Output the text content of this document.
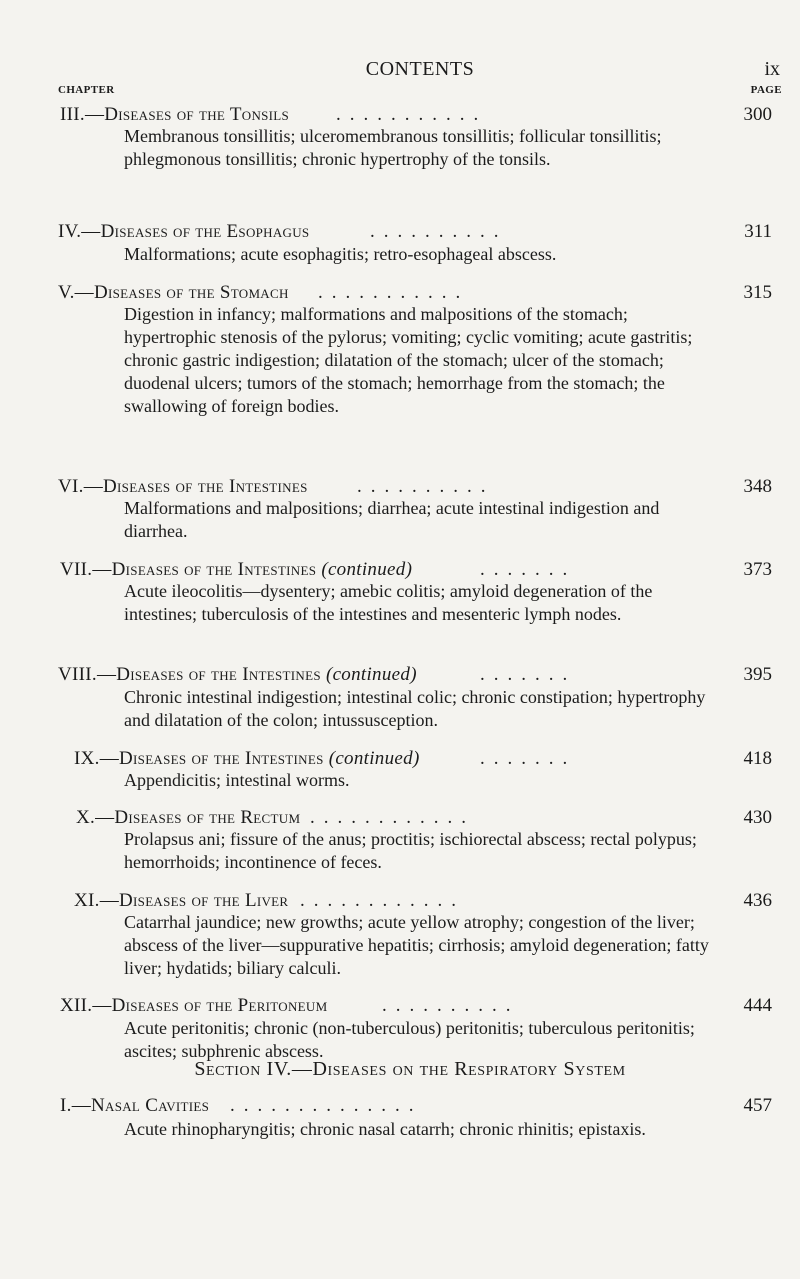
CONTENTS	ix
CHAPTER	PAGE
III.—Diseases of the Tonsils ...........	300
Membranous tonsillitis; ulceromembranous tonsillitis; follicular tonsillitis; phlegmonous tonsillitis; chronic hypertrophy of the tonsils.
IV.—Diseases of the Esophagus	..........	311
Malformations; acute esophagitis; retro-esophageal abscess.
V.—Diseases of the Stomach ...........	315
Digestion in infancy; malformations and malpositions of the stomach; hypertrophic stenosis of the pylorus; vomiting; cyclic vomiting; acute gastritis; chronic gastric indigestion; dilatation of the stomach; ulcer of the stomach; duodenal ulcers; tumors of the stomach; hemorrhage from the stomach; the swallowing of foreign bodies.
VI.—Diseases of the Intestines	..........	348
Malformations and malpositions; diarrhea; acute intestinal indigestion and diarrhea.
VII.—Diseases of the Intestines (continued)	.......	373
Acute ileocolitis—dysentery; amebic colitis; amyloid degeneration of the intestines; tuberculosis of the intestines and mesenteric lymph nodes.
VIII.—Diseases of the Intestines (continued)	.......	395
Chronic intestinal indigestion; intestinal colic; chronic constipation; hypertrophy and dilatation of the colon; intussusception.
IX.—Diseases of the Intestines (continued)	.......	418
Appendicitis; intestinal worms.
X.—Diseases of the Rectum ............	430
Prolapsus ani; fissure of the anus; proctitis; ischiorectal abscess; rectal polypus; hemorrhoids; incontinence of feces.
XI.—Diseases of the Liver ............	436
Catarrhal jaundice; new growths; acute yellow atrophy; congestion of the liver; abscess of the liver—suppurative hepatitis; cirrhosis; amyloid degeneration; fatty liver; hydatids; biliary calculi.
XII.—Diseases of the Peritoneum	..........	444
Acute peritonitis; chronic (non-tuberculous) peritonitis; tuberculous peritonitis; ascites; subphrenic abscess.
Section IV.—Diseases on the Respiratory System
I.—Nasal Cavities ..............	457
Acute rhinopharyngitis; chronic nasal catarrh; chronic rhinitis; epistaxis.
